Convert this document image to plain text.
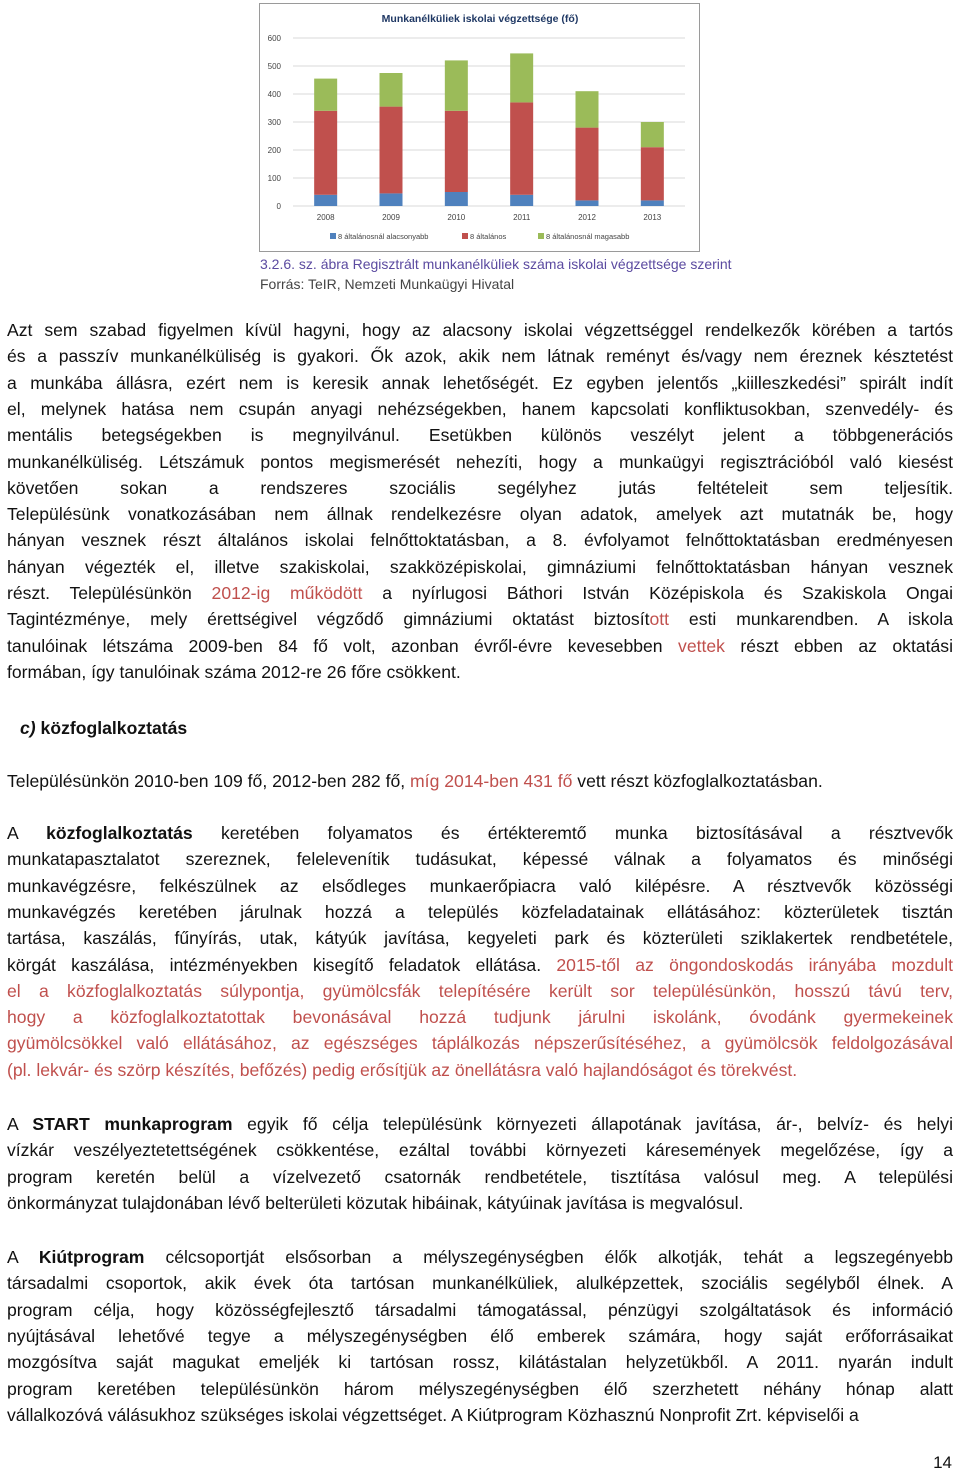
Munkanélküliek iskolai végzettsége (fő)
0
100
200
300
400
500
600
2008	2009	2010	2011	2012	2013
8 általánosnál alacsonyabb	8 általános	8 általánosnál magasabb
3.2.6. sz. ábra Regisztrált munkanélküliek száma iskolai végzettsége szerint
Forrás: TeIR, Nemzeti Munkaügyi Hivatal
Azt sem szabad figyelmen kívül hagyni, hogy az alacsony iskolai végzettséggel rendelkezők körében a tartós
és a passzív munkanélküliség is gyakori. Ők azok, akik nem látnak reményt és/vagy nem éreznek késztetést
a munkába állásra, ezért nem is keresik annak lehetőségét. Ez egyben jelentős „kiilleszkedési” spirált indít
el, melynek hatása nem csupán anyagi nehézségekben, hanem kapcsolati konfliktusokban, szenvedély- és
mentális betegségekben is megnyilvánul. Esetükben különös veszélyt jelent a többgenerációs
munkanélküliség. Létszámuk pontos megismerését nehezíti, hogy a munkaügyi regisztrációból való kiesést
követően sokan a rendszeres szociális segélyhez jutás feltételeit sem teljesítik.
Településünk vonatkozásában nem állnak rendelkezésre olyan adatok, amelyek azt mutatnák be, hogy
hányan vesznek részt általános iskolai felnőttoktatásban, a 8. évfolyamot felnőttoktatásban eredményesen
hányan végezték el, illetve szakiskolai, szakközépiskolai, gimnáziumi felnőttoktatásban hányan vesznek
részt. Településünkön 2012-ig működött a nyírlugosi Báthori István Középiskola és Szakiskola Ongai
Tagintézménye, mely érettségivel végződő gimnáziumi oktatást biztosított esti munkarendben. A iskola
tanulóinak létszáma 2009-ben 84 fő volt, azonban évről-évre kevesebben vettek részt ebben az oktatási
formában, így tanulóinak száma 2012-re 26 főre csökkent.
c) közfoglalkoztatás
Településünkön 2010-ben 109 fő, 2012-ben 282 fő, míg 2014-ben 431 fő vett részt közfoglalkoztatásban.
A közfoglalkoztatás keretében folyamatos és értékteremtő munka biztosításával a résztvevők
munkatapasztalatot szereznek, felelevenítik tudásukat, képessé válnak a folyamatos és minőségi
munkavégzésre, felkészülnek az elsődleges munkaerőpiacra való kilépésre. A résztvevők közösségi
munkavégzés keretében járulnak hozzá a település közfeladatainak ellátásához: közterületek tisztán
tartása, kaszálás, fűnyírás, utak, kátyúk javítása, kegyeleti park és közterületi sziklakertek rendbetétele,
körgát kaszálása, intézményekben kisegítő feladatok ellátása. 2015-től az öngondoskodás irányába mozdult
el a közfoglalkoztatás súlypontja, gyümölcsfák telepítésére került sor településünkön, hosszú távú terv,
hogy a közfoglalkoztatottak bevonásával hozzá tudjunk járulni iskolánk, óvodánk gyermekeinek
gyümölcsökkel való ellátásához, az egészséges táplálkozás népszerűsítéséhez, a gyümölcsök feldolgozásával
(pl. lekvár- és szörp készítés, befőzés) pedig erősítjük az önellátásra való hajlandóságot és törekvést.
A START munkaprogram egyik fő célja településünk környezeti állapotának javítása, ár-, belvíz- és helyi
vízkár veszélyeztetettségének csökkentése, ezáltal további környezeti káresemények megelőzése, így a
program keretén belül a vízelvezető csatornák rendbetétele, tisztítása valósul meg. A települési
önkormányzat tulajdonában lévő belterületi közutak hibáinak, kátyúinak javítása is megvalósul.
A Kiútprogram célcsoportját elsősorban a mélyszegénységben élők alkotják, tehát a legszegényebb
társadalmi csoportok, akik évek óta tartósan munkanélküliek, alulképzettek, szociális segélyből élnek. A
program célja, hogy közösségfejlesztő társadalmi támogatással, pénzügyi szolgáltatások és információ
nyújtásával lehetővé tegye a mélyszegénységben élő emberek számára, hogy saját erőforrásaikat
mozgósítva saját magukat emeljék ki tartósan rossz, kilátástalan helyzetükből. A 2011. nyarán indult
program keretében településünkön három mélyszegénységben élő szerzhetett néhány hónap alatt
vállalkozóvá válásukhoz szükséges iskolai végzettséget. A Kiútprogram Közhasznú Nonprofit Zrt. képviselői a
14
